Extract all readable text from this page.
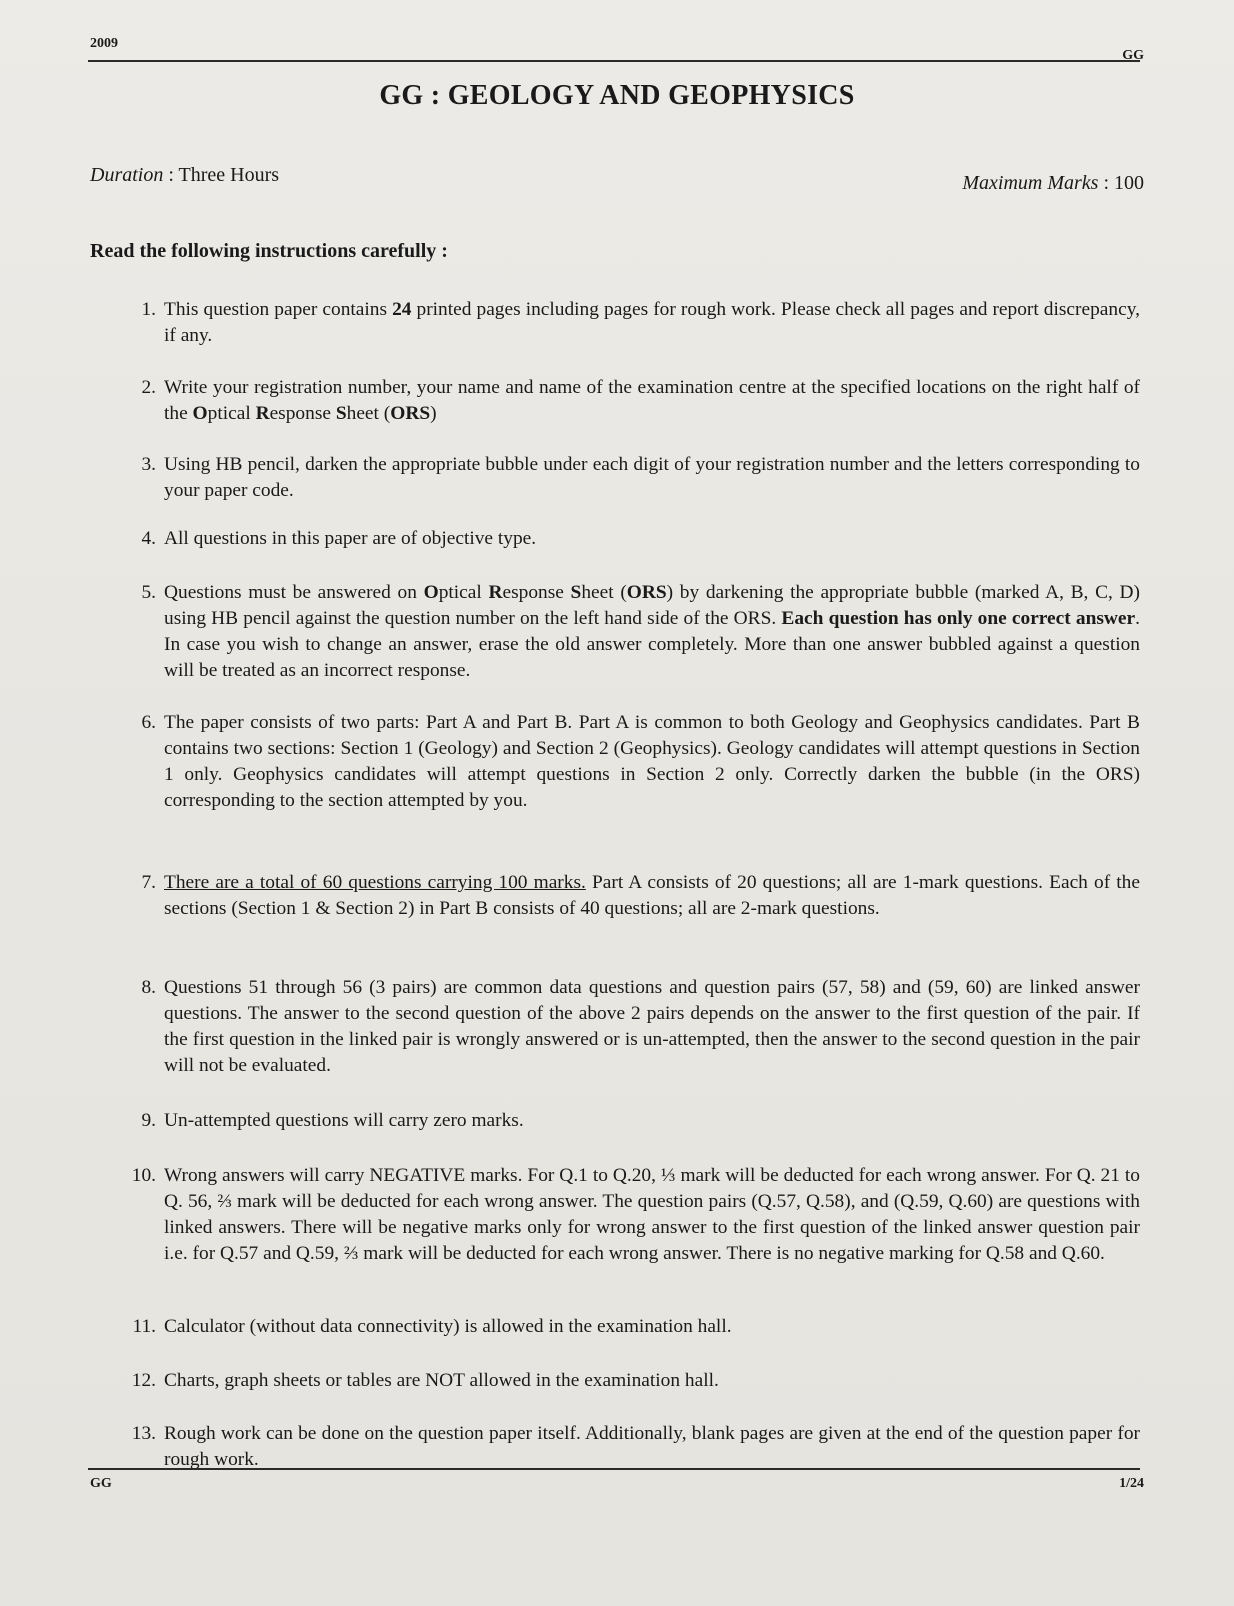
2009
GG
GG : GEOLOGY AND GEOPHYSICS
Duration : Three Hours	Maximum Marks : 100
Read the following instructions carefully :
1. This question paper contains 24 printed pages including pages for rough work. Please check all pages and report discrepancy, if any.
2. Write your registration number, your name and name of the examination centre at the specified locations on the right half of the Optical Response Sheet (ORS)
3. Using HB pencil, darken the appropriate bubble under each digit of your registration number and the letters corresponding to your paper code.
4. All questions in this paper are of objective type.
5. Questions must be answered on Optical Response Sheet (ORS) by darkening the appropriate bubble (marked A, B, C, D) using HB pencil against the question number on the left hand side of the ORS. Each question has only one correct answer. In case you wish to change an answer, erase the old answer completely. More than one answer bubbled against a question will be treated as an incorrect response.
6. The paper consists of two parts: Part A and Part B. Part A is common to both Geology and Geophysics candidates. Part B contains two sections: Section 1 (Geology) and Section 2 (Geophysics). Geology candidates will attempt questions in Section 1 only. Geophysics candidates will attempt questions in Section 2 only. Correctly darken the bubble (in the ORS) corresponding to the section attempted by you.
7. There are a total of 60 questions carrying 100 marks. Part A consists of 20 questions; all are 1-mark questions. Each of the sections (Section 1 & Section 2) in Part B consists of 40 questions; all are 2-mark questions.
8. Questions 51 through 56 (3 pairs) are common data questions and question pairs (57, 58) and (59, 60) are linked answer questions. The answer to the second question of the above 2 pairs depends on the answer to the first question of the pair. If the first question in the linked pair is wrongly answered or is un-attempted, then the answer to the second question in the pair will not be evaluated.
9. Un-attempted questions will carry zero marks.
10. Wrong answers will carry NEGATIVE marks. For Q.1 to Q.20, ⅓ mark will be deducted for each wrong answer. For Q. 21 to Q. 56, ⅔ mark will be deducted for each wrong answer. The question pairs (Q.57, Q.58), and (Q.59, Q.60) are questions with linked answers. There will be negative marks only for wrong answer to the first question of the linked answer question pair i.e. for Q.57 and Q.59, ⅔ mark will be deducted for each wrong answer. There is no negative marking for Q.58 and Q.60.
11. Calculator (without data connectivity) is allowed in the examination hall.
12. Charts, graph sheets or tables are NOT allowed in the examination hall.
13. Rough work can be done on the question paper itself. Additionally, blank pages are given at the end of the question paper for rough work.
GG	1/24
